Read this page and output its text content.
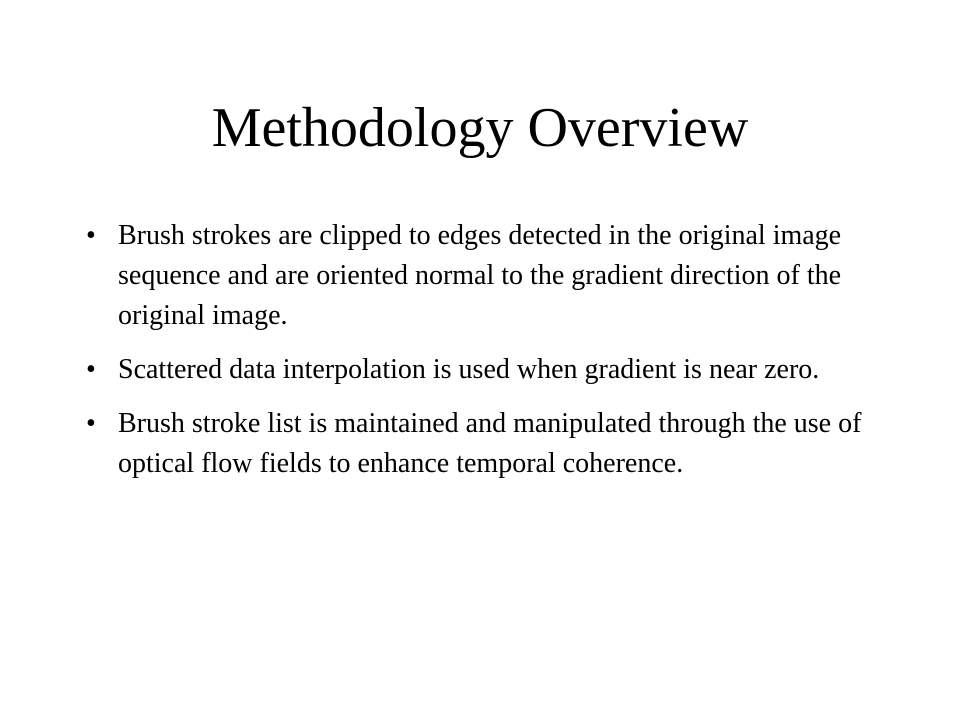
Methodology Overview
• Brush strokes are clipped to edges detected in the original image sequence and are oriented normal to the gradient direction of the original image.
• Scattered data interpolation is used when gradient is near zero.
• Brush stroke list is maintained and manipulated through the use of optical flow fields to enhance temporal coherence.
